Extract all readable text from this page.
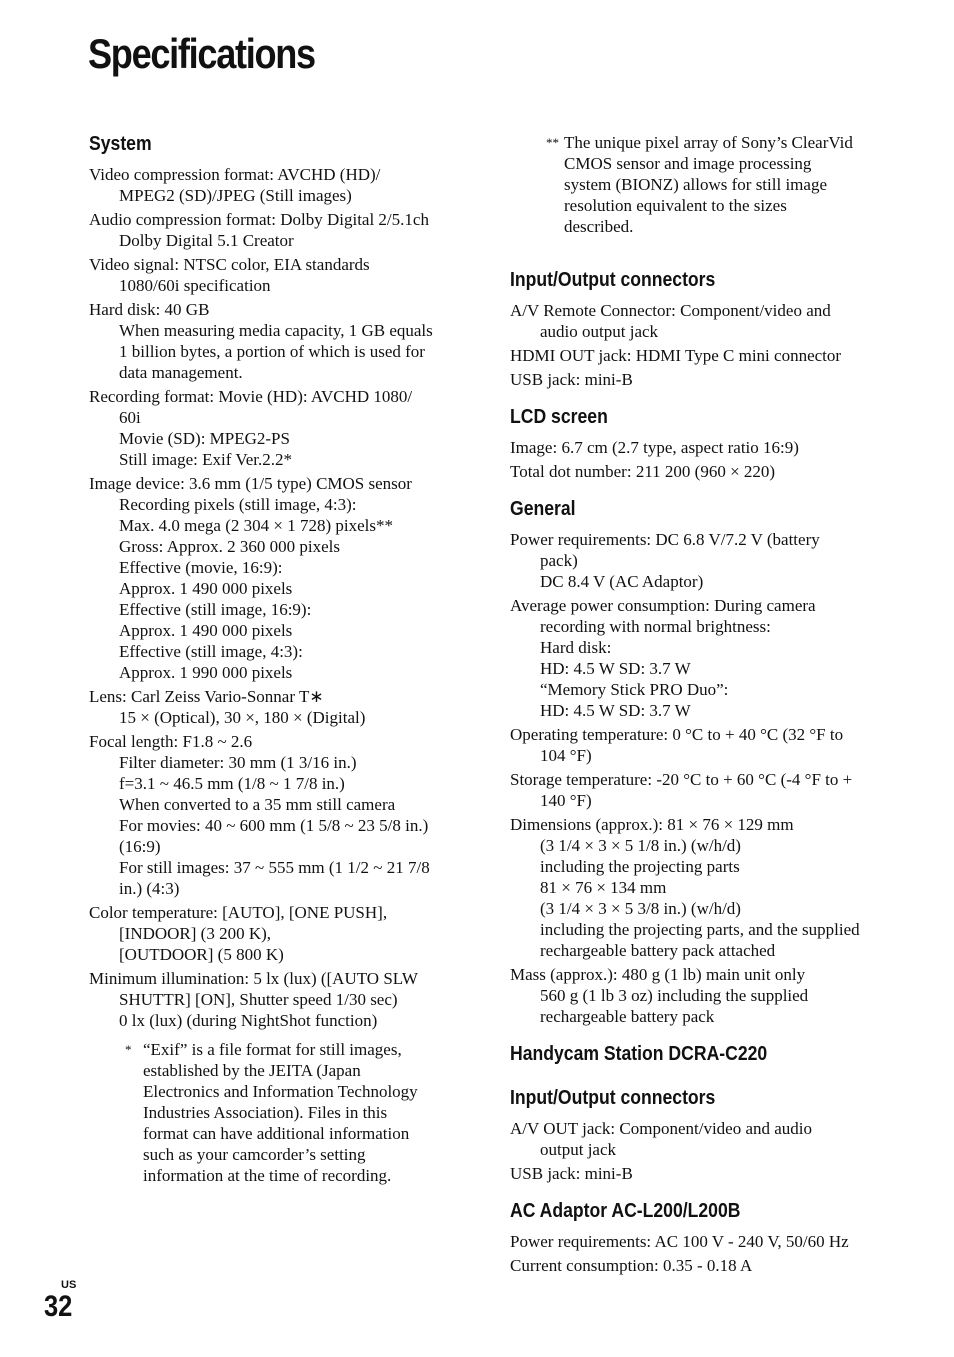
Specifications
System
Video compression format: AVCHD (HD)/
MPEG2 (SD)/JPEG (Still images)
Audio compression format: Dolby Digital 2/5.1ch
Dolby Digital 5.1 Creator
Video signal: NTSC color, EIA standards
1080/60i specification
Hard disk: 40 GB
When measuring media capacity, 1 GB equals
1 billion bytes, a portion of which is used for
data management.
Recording format: Movie (HD): AVCHD 1080/
60i
Movie (SD): MPEG2-PS
Still image: Exif Ver.2.2*
Image device: 3.6 mm (1/5 type) CMOS sensor
Recording pixels (still image, 4:3):
Max. 4.0 mega (2 304 × 1 728) pixels**
Gross: Approx. 2 360 000 pixels
Effective (movie, 16:9):
Approx. 1 490 000 pixels
Effective (still image, 16:9):
Approx. 1 490 000 pixels
Effective (still image, 4:3):
Approx. 1 990 000 pixels
Lens: Carl Zeiss Vario-Sonnar T∗
15 × (Optical), 30 ×, 180 × (Digital)
Focal length: F1.8 ~ 2.6
Filter diameter: 30 mm (1 3/16 in.)
f=3.1 ~ 46.5 mm (1/8 ~ 1 7/8 in.)
When converted to a 35 mm still camera
For movies: 40 ~ 600 mm (1 5/8 ~ 23 5/8 in.)
(16:9)
For still images: 37 ~ 555 mm (1 1/2 ~ 21 7/8
in.) (4:3)
Color temperature: [AUTO], [ONE PUSH],
[INDOOR] (3 200 K),
[OUTDOOR] (5 800 K)
Minimum illumination: 5 lx (lux) ([AUTO SLW
SHUTTR] [ON], Shutter speed 1/30 sec)
0 lx (lux) (during NightShot function)
* “Exif” is a file format for still images,
established by the JEITA (Japan
Electronics and Information Technology
Industries Association). Files in this
format can have additional information
such as your camcorder’s setting
information at the time of recording.
** The unique pixel array of Sony’s ClearVid
CMOS sensor and image processing
system (BIONZ) allows for still image
resolution equivalent to the sizes
described.
Input/Output connectors
A/V Remote Connector: Component/video and
audio output jack
HDMI OUT jack: HDMI Type C mini connector
USB jack: mini-B
LCD screen
Image: 6.7 cm (2.7 type, aspect ratio 16:9)
Total dot number: 211 200 (960 × 220)
General
Power requirements: DC 6.8 V/7.2 V (battery
pack)
DC 8.4 V (AC Adaptor)
Average power consumption: During camera
recording with normal brightness:
Hard disk:
HD: 4.5 W SD: 3.7 W
“Memory Stick PRO Duo”:
HD: 4.5 W SD: 3.7 W
Operating temperature: 0 °C to + 40 °C (32 °F to
104 °F)
Storage temperature: -20 °C to + 60 °C (-4 °F to +
140 °F)
Dimensions (approx.): 81 × 76 × 129 mm
(3 1/4 × 3 × 5 1/8 in.) (w/h/d)
including the projecting parts
81 × 76 × 134 mm
(3 1/4 × 3 × 5 3/8 in.) (w/h/d)
including the projecting parts, and the supplied
rechargeable battery pack attached
Mass (approx.): 480 g (1 lb) main unit only
560 g (1 lb 3 oz) including the supplied
rechargeable battery pack
Handycam Station DCRA-C220
Input/Output connectors
A/V OUT jack: Component/video and audio
output jack
USB jack: mini-B
AC Adaptor AC-L200/L200B
Power requirements: AC 100 V - 240 V, 50/60 Hz
Current consumption: 0.35 - 0.18 A
US
32
